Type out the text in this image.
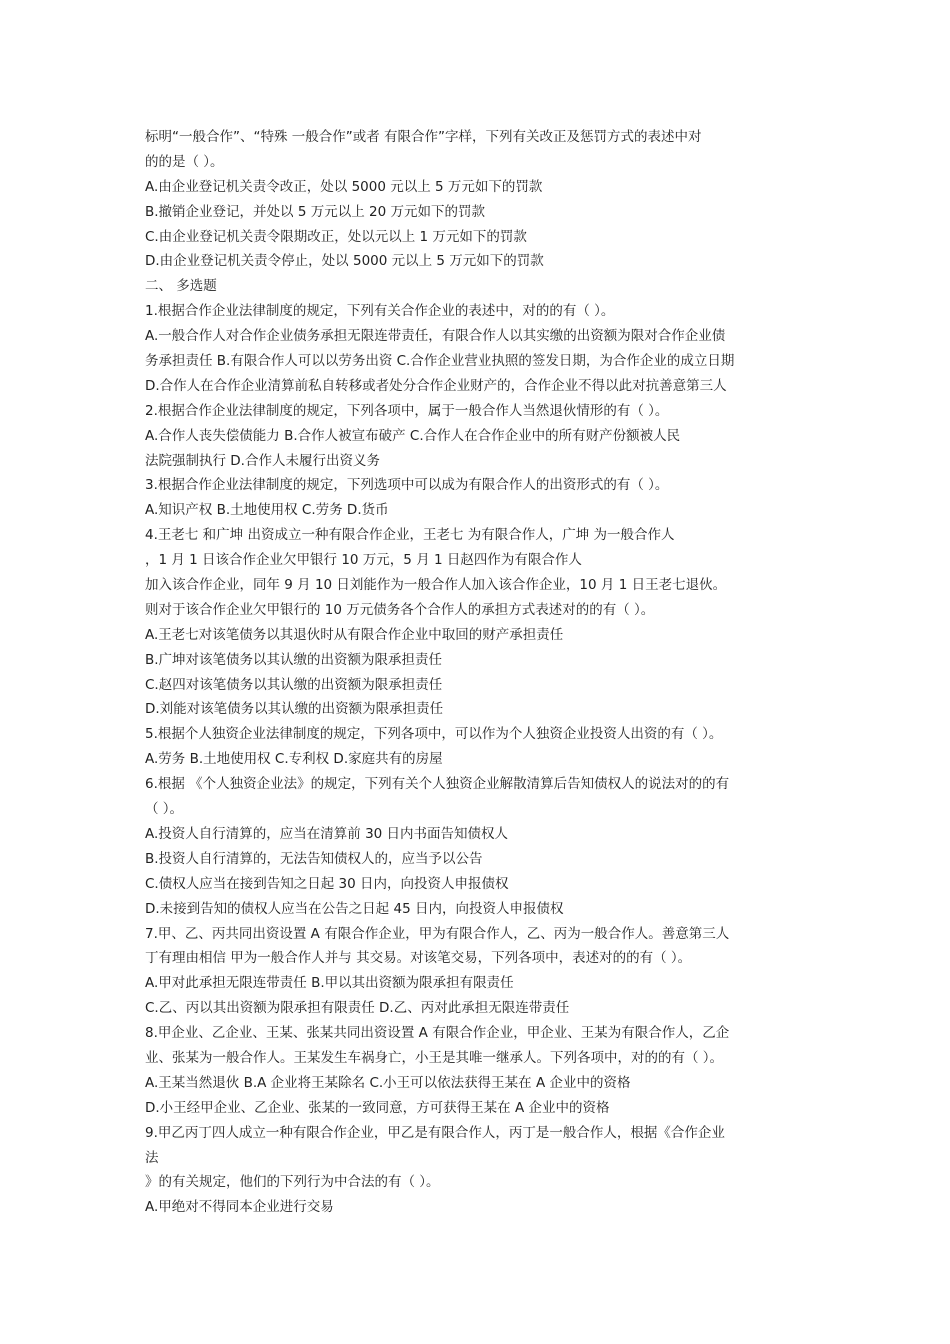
标明“一般合作”、“特殊 一般合作”或者 有限合作”字样，下列有关改正及惩罚方式的表述中对
的的是（ ）。
A.由企业登记机关责令改正，处以 5000 元以上 5 万元如下的罚款
B.撤销企业登记，并处以 5 万元以上 20 万元如下的罚款
C.由企业登记机关责令限期改正，处以元以上 1 万元如下的罚款
D.由企业登记机关责令停止，处以 5000 元以上 5 万元如下的罚款
二、 多选题
1.根据合作企业法律制度的规定，下列有关合作企业的表述中，对的的有（ ）。
A.一般合作人对合作企业债务承担无限连带责任，有限合作人以其实缴的出资额为限对合作企业债
务承担责任 B.有限合作人可以以劳务出资 C.合作企业营业执照的签发日期，为合作企业的成立日期
D.合作人在合作企业清算前私自转移或者处分合作企业财产的，合作企业不得以此对抗善意第三人
2.根据合作企业法律制度的规定，下列各项中，属于一般合作人当然退伙情形的有（ ）。
A.合作人丧失偿债能力 B.合作人被宣布破产 C.合作人在合作企业中的所有财产份额被人民
法院强制执行 D.合作人未履行出资义务
3.根据合作企业法律制度的规定，下列选项中可以成为有限合作人的出资形式的有（ ）。
A.知识产权 B.土地使用权 C.劳务 D.货币
4.王老七 和广坤 出资成立一种有限合作企业，王老七 为有限合作人，广坤 为一般合作人
，1 月 1 日该合作企业欠甲银行 10 万元，5 月 1 日赵四作为有限合作人
加入该合作企业，同年 9 月 10 日刘能作为一般合作人加入该合作企业，10 月 1 日王老七退伙。
则对于该合作企业欠甲银行的 10 万元债务各个合作人的承担方式表述对的的有（ ）。
A.王老七对该笔债务以其退伙时从有限合作企业中取回的财产承担责任
B.广坤对该笔债务以其认缴的出资额为限承担责任
C.赵四对该笔债务以其认缴的出资额为限承担责任
D.刘能对该笔债务以其认缴的出资额为限承担责任
5.根据个人独资企业法律制度的规定，下列各项中，可以作为个人独资企业投资人出资的有（ ）。
A.劳务 B.土地使用权 C.专利权 D.家庭共有的房屋
6.根据 《个人独资企业法》的规定，下列有关个人独资企业解散清算后告知债权人的说法对的的有
（ ）。
A.投资人自行清算的，应当在清算前 30 日内书面告知债权人
B.投资人自行清算的，无法告知债权人的，应当予以公告
C.债权人应当在接到告知之日起 30 日内，向投资人申报债权
D.未接到告知的债权人应当在公告之日起 45 日内，向投资人申报债权
7.甲、乙、丙共同出资设置 A 有限合作企业，甲为有限合作人，乙、丙为一般合作人。善意第三人
丁有理由相信 甲为一般合作人并与 其交易。对该笔交易，下列各项中，表述对的的有（ ）。
A.甲对此承担无限连带责任 B.甲以其出资额为限承担有限责任
C.乙、丙以其出资额为限承担有限责任 D.乙、丙对此承担无限连带责任
8.甲企业、乙企业、王某、张某共同出资设置 A 有限合作企业，甲企业、王某为有限合作人，乙企
业、张某为一般合作人。王某发生车祸身亡，小王是其唯一继承人。下列各项中，对的的有（ ）。
A.王某当然退伙 B.A 企业将王某除名 C.小王可以依法获得王某在 A 企业中的资格
D.小王经甲企业、乙企业、张某的一致同意，方可获得王某在 A 企业中的资格
9.甲乙丙丁四人成立一种有限合作企业，甲乙是有限合作人，丙丁是一般合作人，根据《合作企业
法
》的有关规定，他们的下列行为中合法的有（ ）。
A.甲绝对不得同本企业进行交易
